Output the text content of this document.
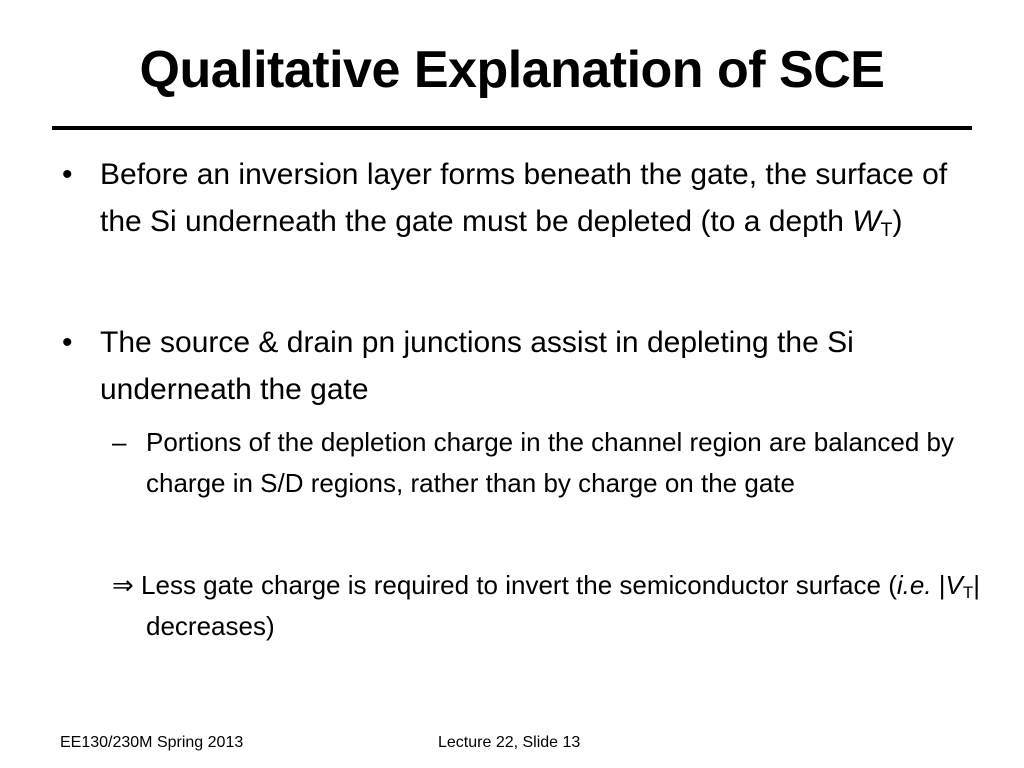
Qualitative Explanation of SCE
• Before an inversion layer forms beneath the gate, the surface of the Si underneath the gate must be depleted (to a depth $W_T$)
• The source & drain pn junctions assist in depleting the Si underneath the gate
– Portions of the depletion charge in the channel region are balanced by charge in S/D regions, rather than by charge on the gate
⇒ Less gate charge is required to invert the semiconductor surface (i.e. $|V_T|$ decreases)
EE130/230M Spring 2013	Lecture 22, Slide 13
